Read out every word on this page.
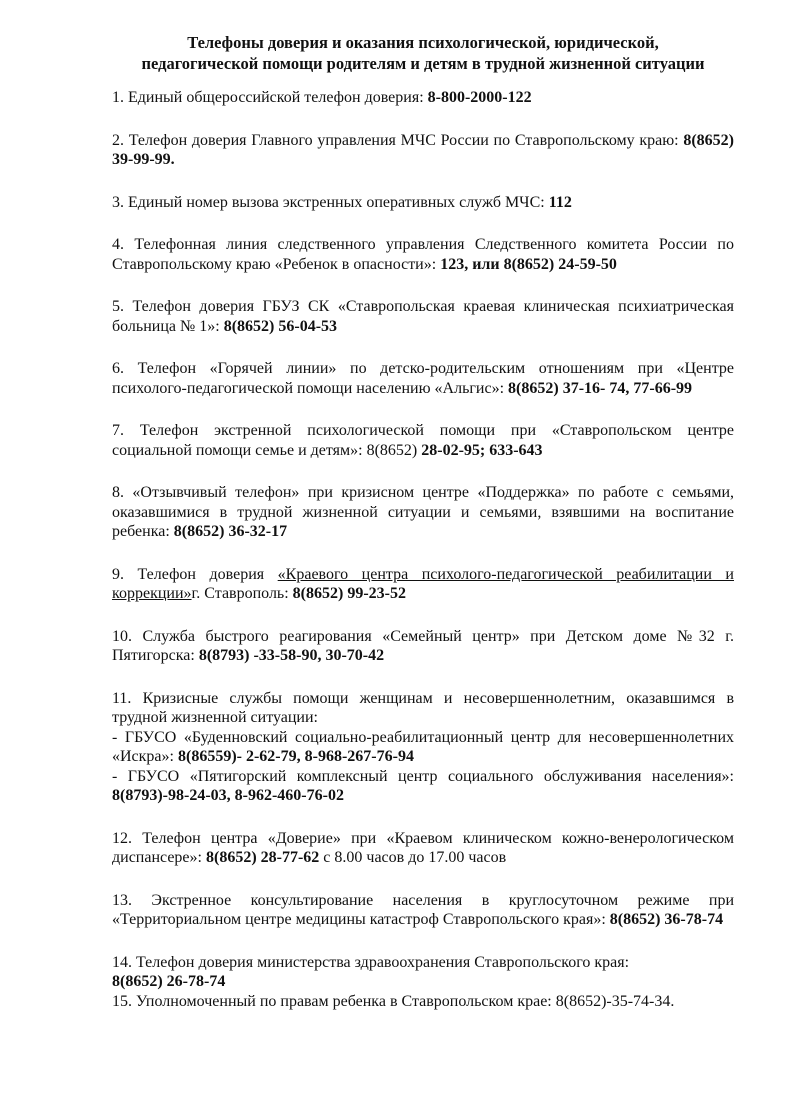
Телефоны доверия и оказания психологической, юридической,
педагогической помощи родителям и детям в трудной жизненной ситуации

1. Единый общероссийской телефон доверия: 8-800-2000-122

2. Телефон доверия Главного управления МЧС России по Ставропольскому краю: 8(8652) 39-99-99.

3. Единый номер вызова экстренных оперативных служб МЧС: 112

4. Телефонная линия следственного управления Следственного комитета России по Ставропольскому краю «Ребенок в опасности»: 123, или 8(8652) 24-59-50

5. Телефон доверия ГБУЗ СК «Ставропольская краевая клиническая психиатрическая больница № 1»: 8(8652) 56-04-53

6. Телефон «Горячей линии» по детско-родительским отношениям при «Центре психолого-педагогической помощи населению «Альгис»: 8(8652) 37-16- 74, 77-66-99

7. Телефон экстренной психологической помощи при «Ставропольском центре социальной помощи семье и детям»: 8(8652) 28-02-95; 633-643

8. «Отзывчивый телефон» при кризисном центре «Поддержка» по работе с семьями, оказавшимися в трудной жизненной ситуации и семьями, взявшими на воспитание ребенка: 8(8652) 36-32-17

9. Телефон доверия «Краевого центра психолого-педагогической реабилитации и коррекции»г. Ставрополь: 8(8652) 99-23-52

10. Служба быстрого реагирования «Семейный центр» при Детском доме №32 г. Пятигорска: 8(8793) -33-58-90, 30-70-42

11. Кризисные службы помощи женщинам и несовершеннолетним, оказавшимся в трудной жизненной ситуации:

- ГБУСО «Буденновский социально-реабилитационный центр для несовершеннолетних «Искра»: 8(86559)- 2-62-79, 8-968-267-76-94

- ГБУСО «Пятигорский комплексный центр социального обслуживания населения»: 8(8793)-98-24-03, 8-962-460-76-02

12. Телефон центра «Доверие» при «Краевом клиническом кожно-венерологическом диспансере»: 8(8652) 28-77-62 с 8.00 часов до 17.00 часов

13. Экстренное консультирование населения в круглосуточном режиме при «Территориальном центре медицины катастроф Ставропольского края»: 8(8652) 36-78-74

14. Телефон доверия министерства здравоохранения Ставропольского края:
8(8652) 26-78-74

15. Уполномоченный по правам ребенка в Ставропольском крае: 8(8652)-35-74-34.
